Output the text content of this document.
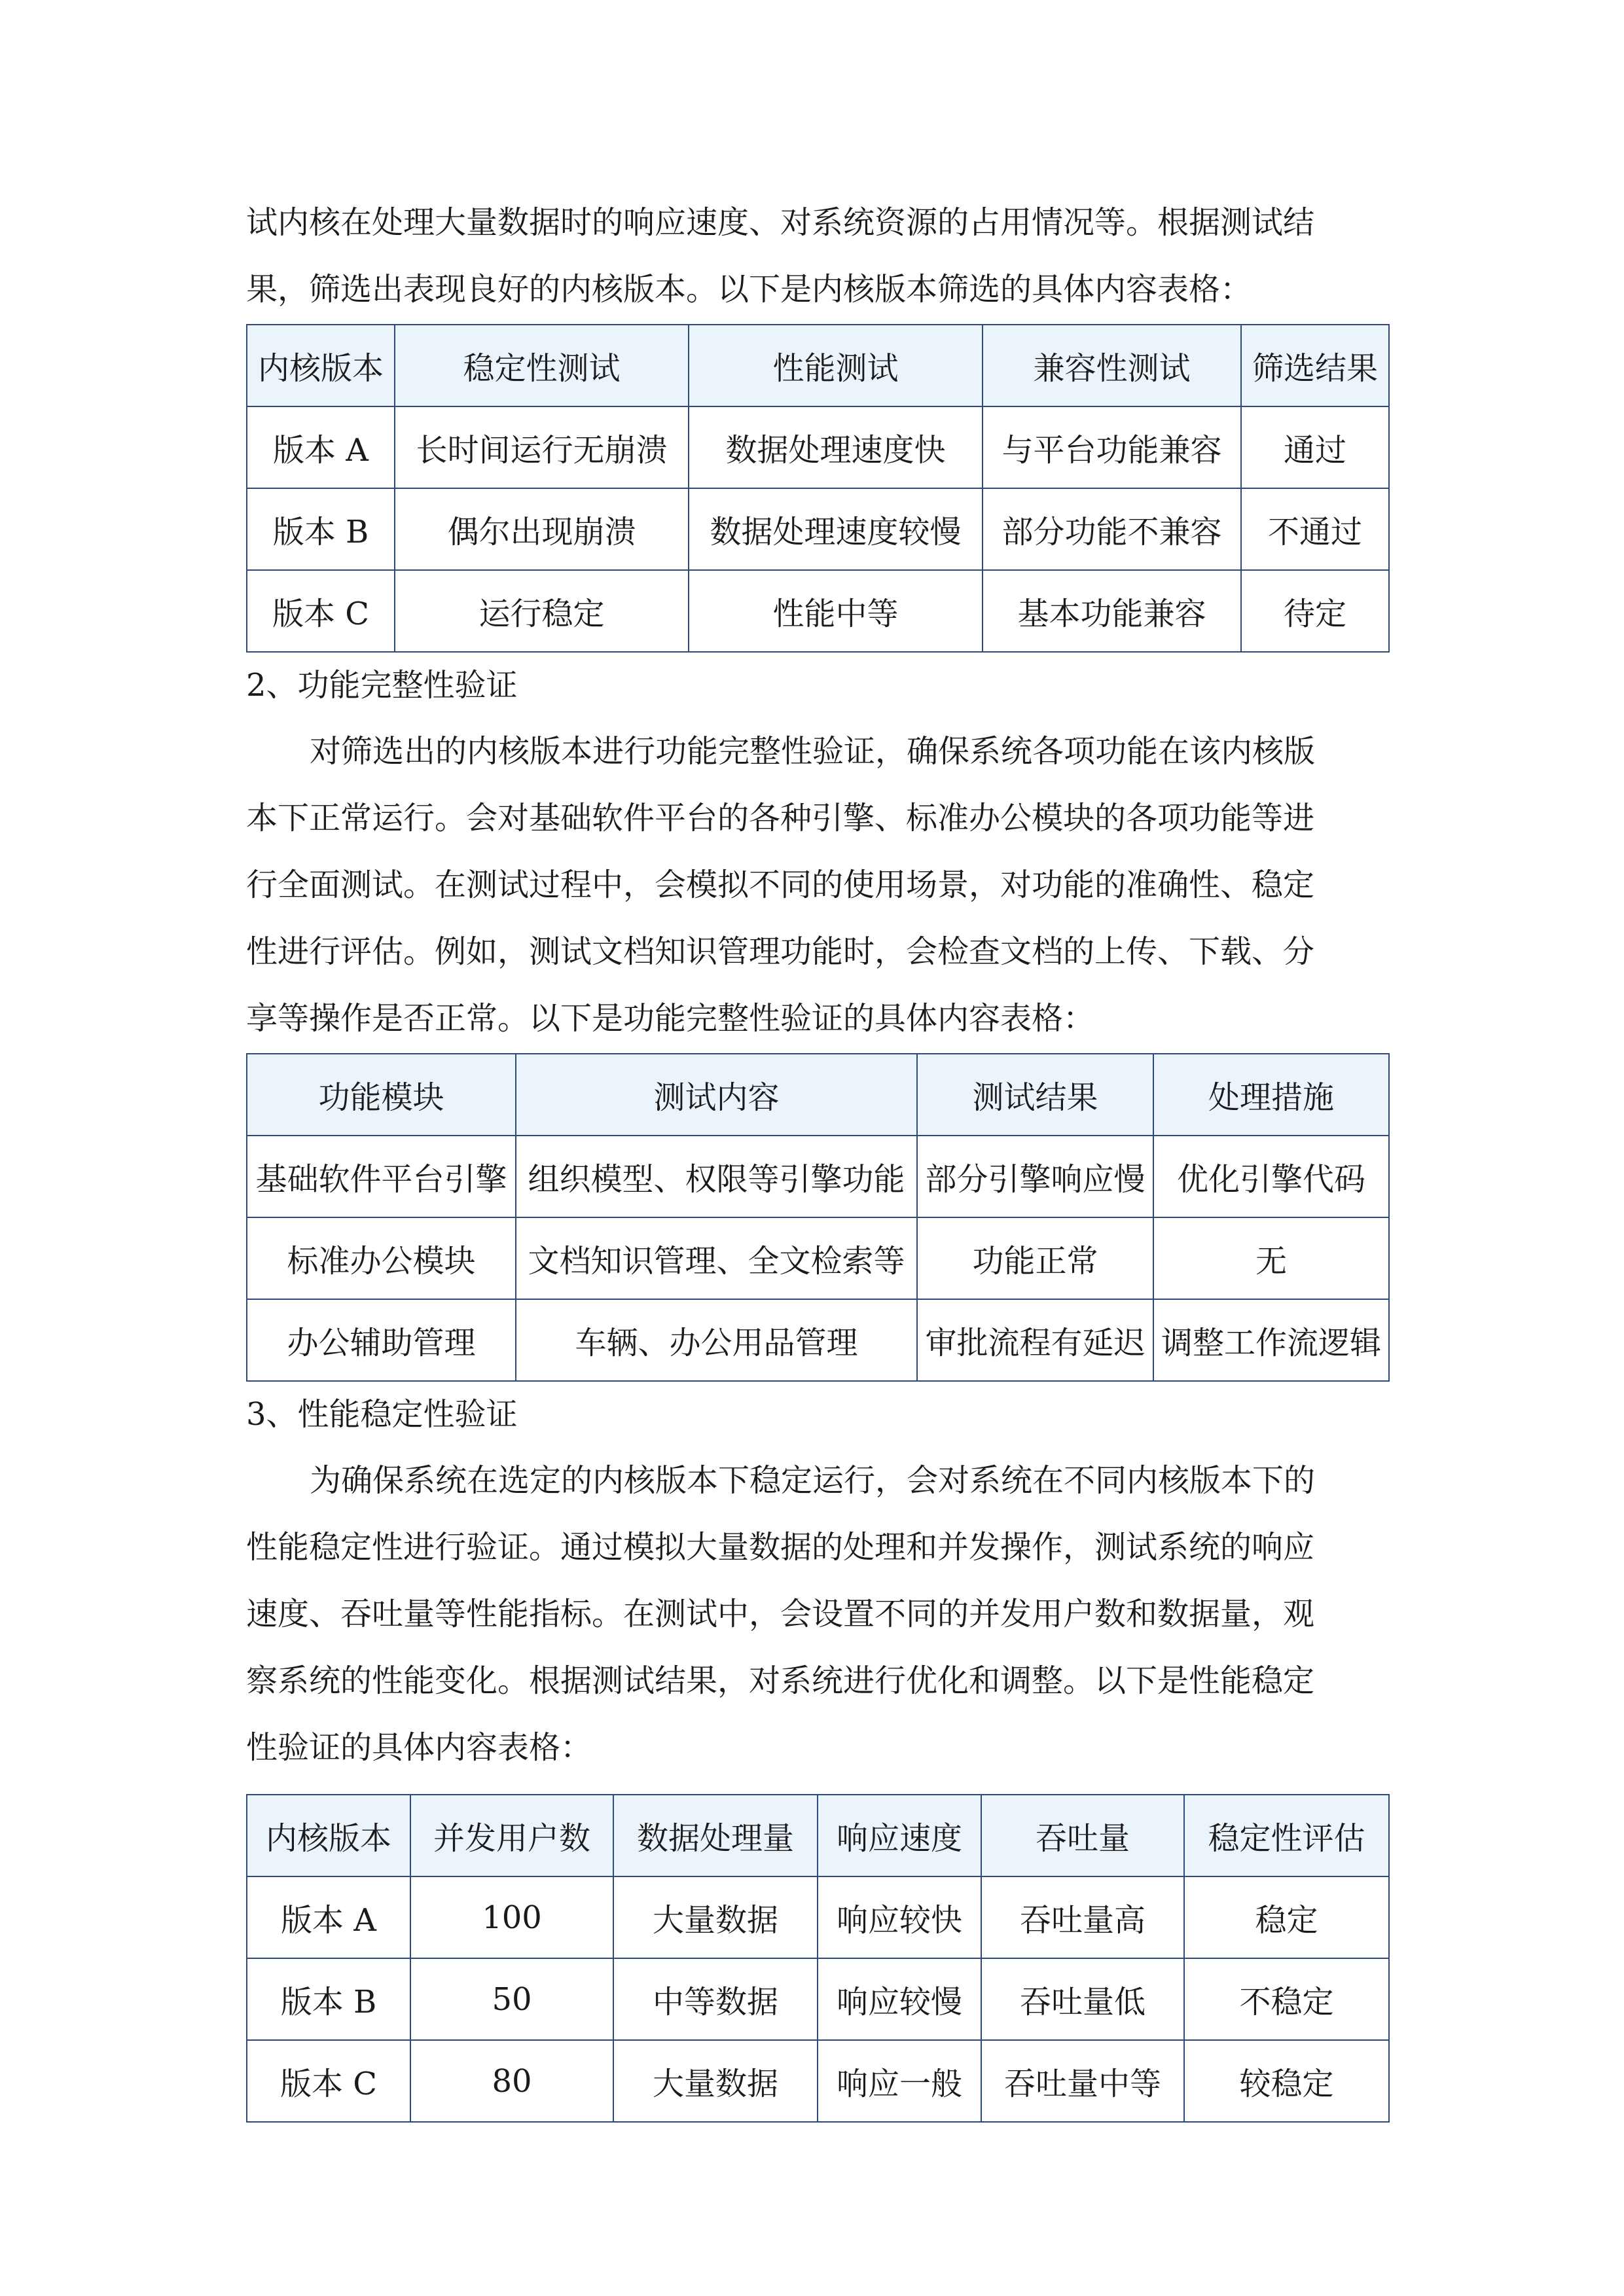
试内核在处理大量数据时的响应速度、对系统资源的占用情况等。根据测试结

果，筛选出表现良好的内核版本。以下是内核版本筛选的具体内容表格：

内核版本	稳定性测试	性能测试	兼容性测试	筛选结果
版本 A	长时间运行无崩溃	数据处理速度快	与平台功能兼容	通过
版本 B	偶尔出现崩溃	数据处理速度较慢	部分功能不兼容	不通过
版本 C	运行稳定	性能中等	基本功能兼容	待定

2、功能完整性验证

对筛选出的内核版本进行功能完整性验证，确保系统各项功能在该内核版

本下正常运行。会对基础软件平台的各种引擎、标准办公模块的各项功能等进

行全面测试。在测试过程中，会模拟不同的使用场景，对功能的准确性、稳定

性进行评估。例如，测试文档知识管理功能时，会检查文档的上传、下载、分

享等操作是否正常。以下是功能完整性验证的具体内容表格：

功能模块	测试内容	测试结果	处理措施
基础软件平台引擎	组织模型、权限等引擎功能	部分引擎响应慢	优化引擎代码
标准办公模块	文档知识管理、全文检索等	功能正常	无
办公辅助管理	车辆、办公用品管理	审批流程有延迟	调整工作流逻辑

3、性能稳定性验证

为确保系统在选定的内核版本下稳定运行，会对系统在不同内核版本下的

性能稳定性进行验证。通过模拟大量数据的处理和并发操作，测试系统的响应

速度、吞吐量等性能指标。在测试中，会设置不同的并发用户数和数据量，观

察系统的性能变化。根据测试结果，对系统进行优化和调整。以下是性能稳定

性验证的具体内容表格：

内核版本	并发用户数	数据处理量	响应速度	吞吐量	稳定性评估
版本 A	100	大量数据	响应较快	吞吐量高	稳定
版本 B	50	中等数据	响应较慢	吞吐量低	不稳定
版本 C	80	大量数据	响应一般	吞吐量中等	较稳定
